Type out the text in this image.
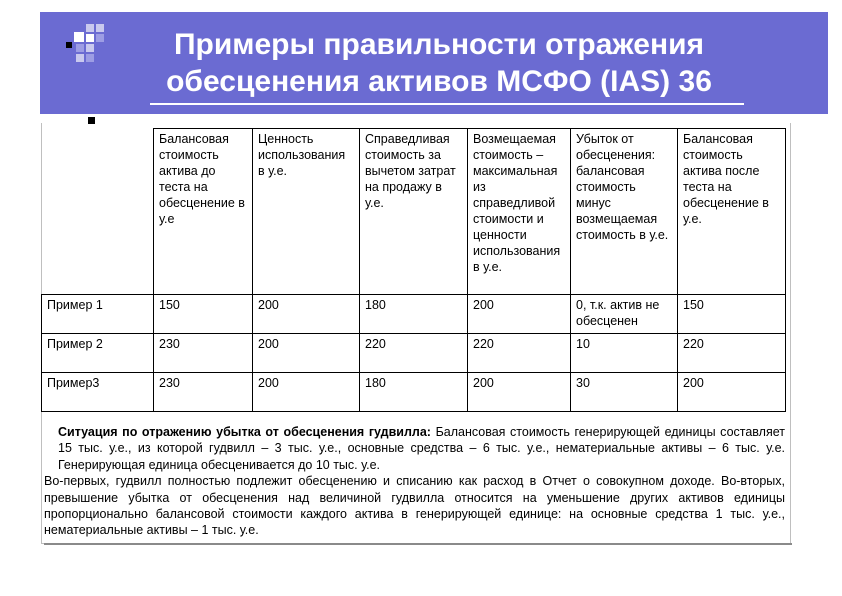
Примеры правильности отражения
обесценения активов МСФО (IAS) 36
	Балансовая стоимость актива до теста на обесценение в у.е	Ценность использования в у.е.	Справедливая стоимость за вычетом затрат на продажу в у.е.	Возмещаемая стоимость – максимальная из справедливой стоимости и ценности использования в у.е.	Убыток от обесценения: балансовая стоимость минус возмещаемая стоимость в у.е.	Балансовая стоимость актива после теста на обесценение в у.е.
Пример 1	150	200	180	200	0, т.к. актив не обесценен	150
Пример 2	230	200	220	220	10	220
Пример3	230	200	180	200	30	200

Ситуация по отражению убытка от обесценения гудвилла: Балансовая стоимость генерирующей единицы составляет 15 тыс. у.е., из которой гудвилл – 3 тыс. у.е., основные средства – 6 тыс. у.е., нематериальные активы – 6 тыс. у.е. Генерирующая единица обесценивается до 10 тыс. у.е.

Во-первых, гудвилл полностью подлежит обесценению и списанию как расход в Отчет о совокупном доходе. Во-вторых, превышение убытка от обесценения над величиной гудвилла относится на уменьшение других активов единицы пропорционально балансовой стоимости каждого актива в генерирующей единице: на основные средства 1 тыс. у.е., нематериальные активы – 1 тыс. у.е.
